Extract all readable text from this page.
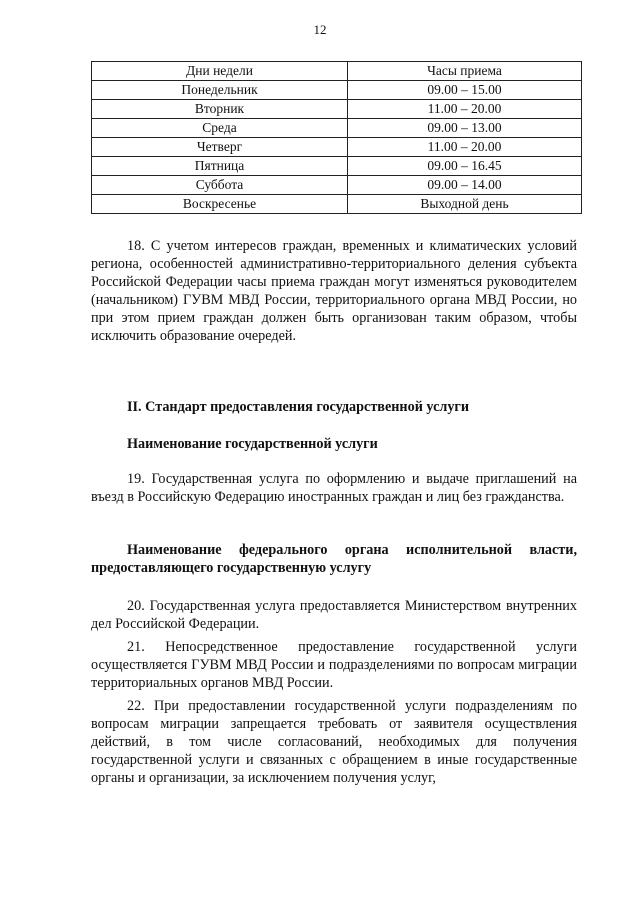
12
Дни недели	Часы приема
Понедельник	09.00 – 15.00
Вторник	11.00 – 20.00
Среда	09.00 – 13.00
Четверг	11.00 – 20.00
Пятница	09.00 – 16.45
Суббота	09.00 – 14.00
Воскресенье	Выходной день

18. С учетом интересов граждан, временных и климатических условий региона, особенностей административно-территориального деления субъекта Российской Федерации часы приема граждан могут изменяться руководителем (начальником) ГУВМ МВД России, территориального органа МВД России, но при этом прием граждан должен быть организован таким образом, чтобы исключить образование очередей.

II. Стандарт предоставления государственной услуги

Наименование государственной услуги

19. Государственная услуга по оформлению и выдаче приглашений на въезд в Российскую Федерацию иностранных граждан и лиц без гражданства.

Наименование федерального органа исполнительной власти, предоставляющего государственную услугу

20. Государственная услуга предоставляется Министерством внутренних дел Российской Федерации.

21. Непосредственное предоставление государственной услуги осуществляется ГУВМ МВД России и подразделениями по вопросам миграции территориальных органов МВД России.

22. При предоставлении государственной услуги подразделениям по вопросам миграции запрещается требовать от заявителя осуществления действий, в том числе согласований, необходимых для получения государственной услуги и связанных с обращением в иные государственные органы и организации, за исключением получения услуг,
